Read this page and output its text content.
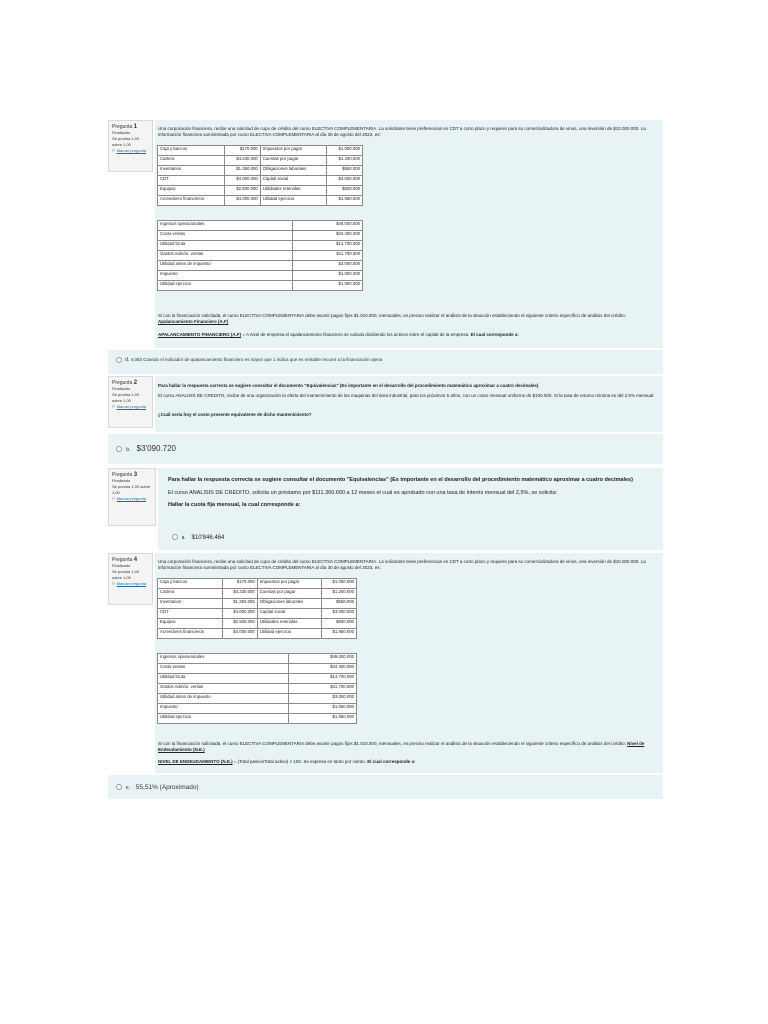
Pregunta 1
Finalizado
Se puntúa 1,00 sobre 1,00
⚐ Marcar pregunta

Una corporación financiera, recibe una solicitud de cupo de crédito del curso ELECTIVA COMPLEMENTARIA. La solicitante tiene preferencias en CDT a corto plazo y requiere para su comercializadora de vinos, una inversión de $10.000.000. La información financiera suministrada por curso ELECTIVA COMPLEMENTARIA al día 30 de agosto del 2023, es:

Caja y bancos	$170.000	Impuestos por pagar	$1.050.000
Cartera	$4.230.000	Cuentas por pagar	$1.200.000
Inventarios	$1.350.000	Obligaciones laborales	$550.000
CDT	$4.000.000	Capital social	$3.000.000
Equipos	$2.500.000	Utilidades retenidas	$500.000
Acreedores financieros	$4.000.000	Utilidad ejercicio	$1.950.000
Ingresos operacionales	$49.000.000
Costo ventas	$34.300.000
Utilidad bruta	$14.700.000
Gastos Admón. ventas	$11.700.000
Utilidad antes de impuesto	$3.000.000
Impuesto	$1.050.000
Utilidad ejercicio	$1.950.000

Si con la financiación solicitada, el curso ELECTIVA COMPLEMENTARIA debe asumir pagos fijos $1.010.000, mensuales, es preciso realizar el análisis de la situación estableciendo el siguiente criterio específico de análisis del crédito: Apalancamiento Financiero (A.F)

APALANCAMIENTO FINANCIERO (A.F) = A nivel de empresa el apalancamiento financiero se calcula dividiendo los activos entre el capital de la empresa. El cual corresponde a:

d. 4,083 Cuando el indicador de apalancamiento financiero es mayor que 1 indica que es rentable recurrir a la financiación ajena
Pregunta 2
Finalizado
Se puntúa 1,00 sobre 1,00
⚐ Marcar pregunta

Para hallar la respuesta correcta se sugiere consultar el documento "Equivalencias" (Es importante en el desarrollo del procedimiento matemático aproximar a cuatro decimales)

El curso ANALISIS DE CREDITO, recibe de una organización la oferta del mantenimiento de las maquinas del área industrial, para los próximos 5 años, con un costo mensual uniforme de $100.000. Si la tasa de retorno mínima es del 2,5% mensual.

¿Cuál sería hoy el costo presente equivalente de dicho mantenimiento?

b. $3'090.720
Pregunta 3
Finalizado
Se puntúa 1,00 sobre 1,00
⚐ Marcar pregunta

Para hallar la respuesta correcta se sugiere consultar el documento "Equivalencias" (Es importante en el desarrollo del procedimiento matemático aproximar a cuatro decimales)

El curso ANALISIS DE CREDITO, solicita un préstamo por $111.360.600 a 12 meses el cual es aprobado con una tasa de interés mensual del 2,5%, se solicita:

Hallar la cuota fija mensual, la cual corresponde a:

a. $10'846.464
Pregunta 4
Finalizado
Se puntúa 1,00 sobre 1,00
⚐ Marcar pregunta

Una corporación financiera, recibe una solicitud de cupo de crédito del curso ELECTIVA COMPLEMENTARIA. La solicitante tiene preferencias en CDT a corto plazo y requiere para su comercializadora de vinos, una inversión de $10.000.000. La información financiera suministrada por curso ELECTIVA COMPLEMENTARIA al día 30 de agosto del 2023, es:

Caja y bancos	$170.000	Impuestos por pagar	$1.050.000
Cartera	$4.230.000	Cuentas por pagar	$1.200.000
Inventarios	$1.350.000	Obligaciones laborales	$550.000
CDT	$4.000.000	Capital social	$3.000.000
Equipos	$2.500.000	Utilidades retenidas	$500.000
Acreedores financieros	$4.000.000	Utilidad ejercicio	$1.950.000
Ingresos operacionales	$49.000.000
Costo ventas	$34.300.000
Utilidad bruta	$14.700.000
Gastos Admón. ventas	$11.700.000
Utilidad antes de impuesto	$3.000.000
Impuesto	$1.050.000
Utilidad ejercicio	$1.950.000

Si con la financiación solicitada, el curso ELECTIVA COMPLEMENTARIA debe asumir pagos fijos $1.010.000, mensuales, es preciso realizar el análisis de la situación estableciendo el siguiente criterio específico de análisis del crédito: Nivel de Endeudamiento (N.E.)

NIVEL DE ENDEUDAMIENTO (N.E.) = (Total pasivo/Total activo) × 100. Se expresa en tanto por ciento. El cual corresponde a:

e. 55,51% (Aproximado)
